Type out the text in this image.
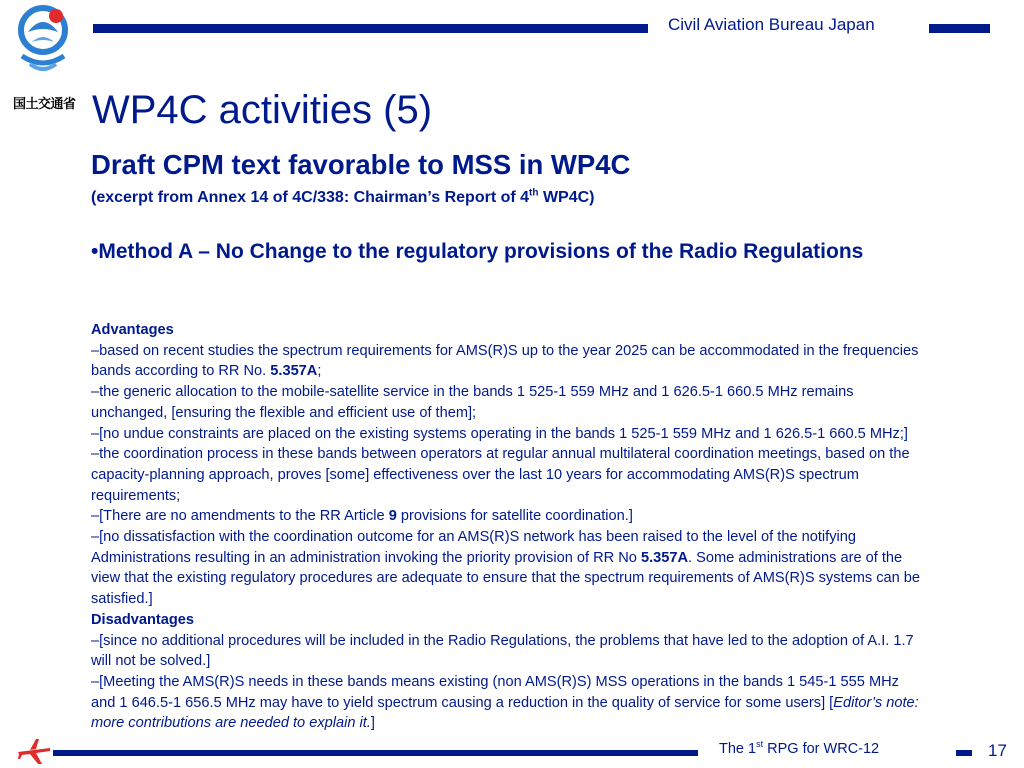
国土交通省
Civil Aviation Bureau Japan
WP4C activities (5)
Draft CPM text favorable to MSS in WP4C
(excerpt from Annex 14 of 4C/338: Chairman’s Report of 4th WP4C)
•Method A – No Change to the regulatory provisions of the Radio Regulations

Advantages

–based on recent studies the spectrum requirements for AMS(R)S up to the year 2025 can be accommodated in the frequencies bands according to RR No. 5.357A;

–the generic allocation to the mobile-satellite service in the bands 1 525-1 559 MHz and 1 626.5-1 660.5 MHz remains unchanged, [ensuring the flexible and efficient use of them];

–[no undue constraints are placed on the existing systems operating in the bands 1 525-1 559 MHz and 1 626.5-1 660.5 MHz;]

–the coordination process in these bands between operators at regular annual multilateral coordination meetings, based on the capacity-planning approach, proves [some] effectiveness over the last 10 years for accommodating AMS(R)S spectrum requirements;

–[There are no amendments to the RR Article 9 provisions for satellite coordination.]

–[no dissatisfaction with the coordination outcome for an AMS(R)S network has been raised to the level of the notifying Administrations resulting in an administration invoking the priority provision of RR No 5.357A. Some administrations are of the view that the existing regulatory procedures are adequate to ensure that the spectrum requirements of AMS(R)S systems can be satisfied.]

Disadvantages

–[since no additional procedures will be included in the Radio Regulations, the problems that have led to the adoption of A.I. 1.7 will not be solved.]

–[Meeting the AMS(R)S needs in these bands means existing (non AMS(R)S) MSS operations in the bands 1 545-1 555 MHz and 1 646.5-1 656.5 MHz may have to yield spectrum causing a reduction in the quality of service for some users] [Editor’s note: more contributions are needed to explain it.]

The 1st RPG for WRC-12	17
